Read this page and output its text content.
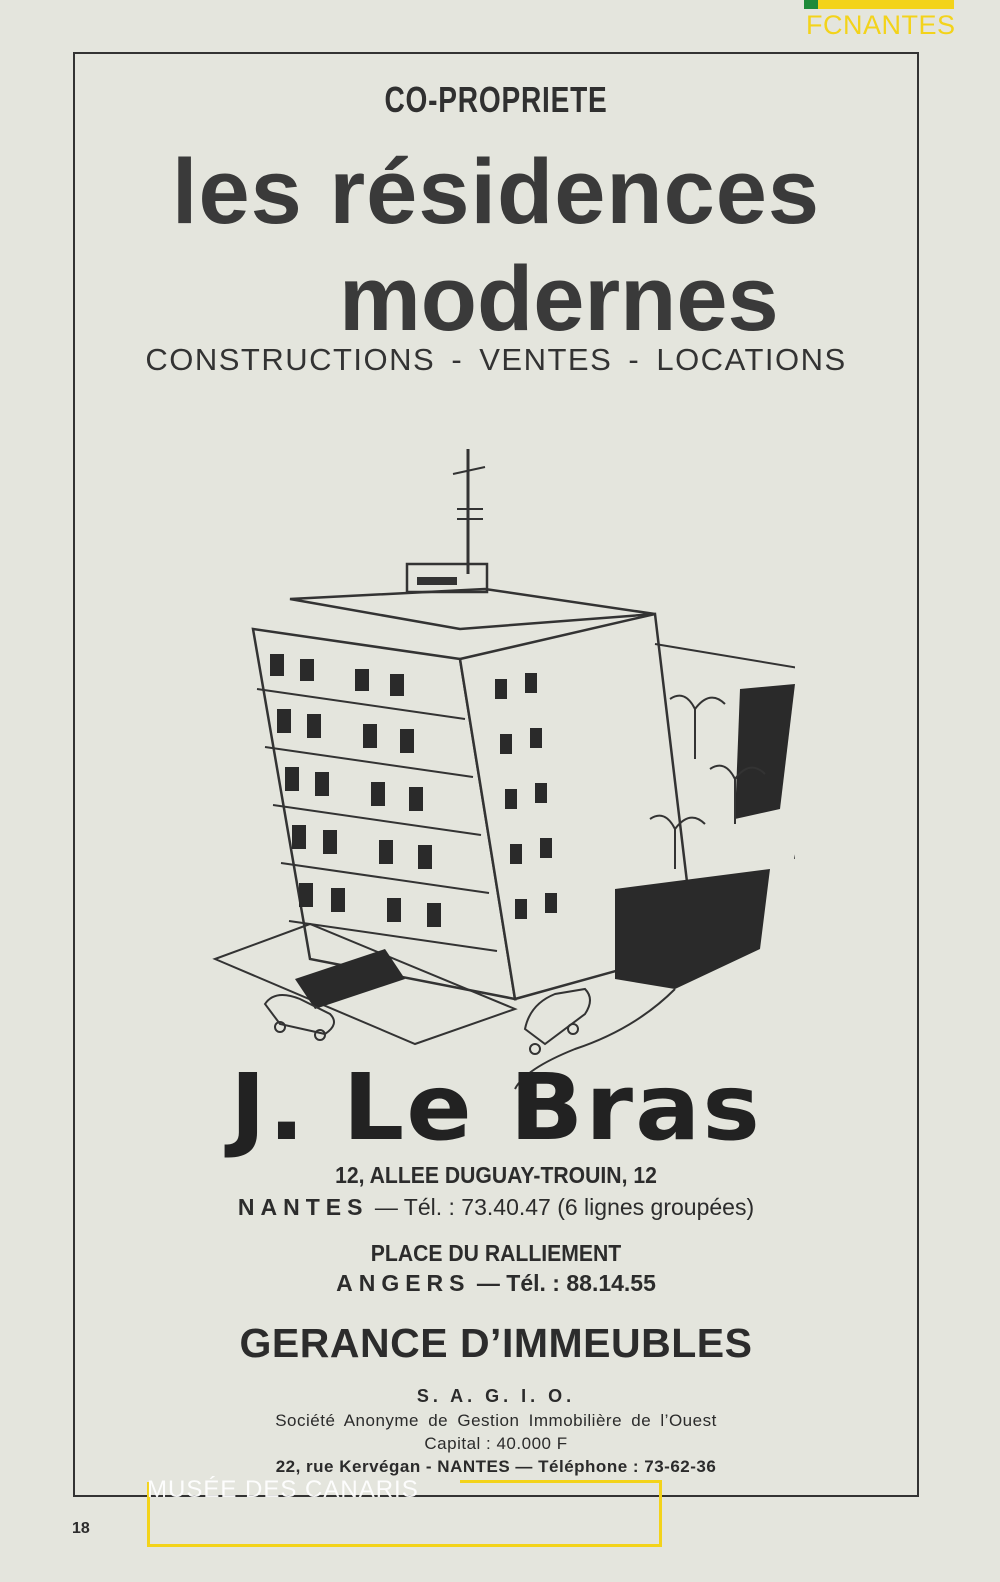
FCNANTES
CO-PROPRIETE
les résidences
modernes
CONSTRUCTIONS - VENTES - LOCATIONS
J. Le Bras
12, ALLEE DUGUAY-TROUIN, 12
NANTES — Tél. : 73.40.47 (6 lignes groupées)
PLACE DU RALLIEMENT
ANGERS — Tél. : 88.14.55
GERANCE D’IMMEUBLES
S. A. G. I. O.
Société Anonyme de Gestion Immobilière de l’Ouest
Capital : 40.000 F
22, rue Kervégan - NANTES — Téléphone : 73-62-36
18
MUSÉE DES CANARIS
